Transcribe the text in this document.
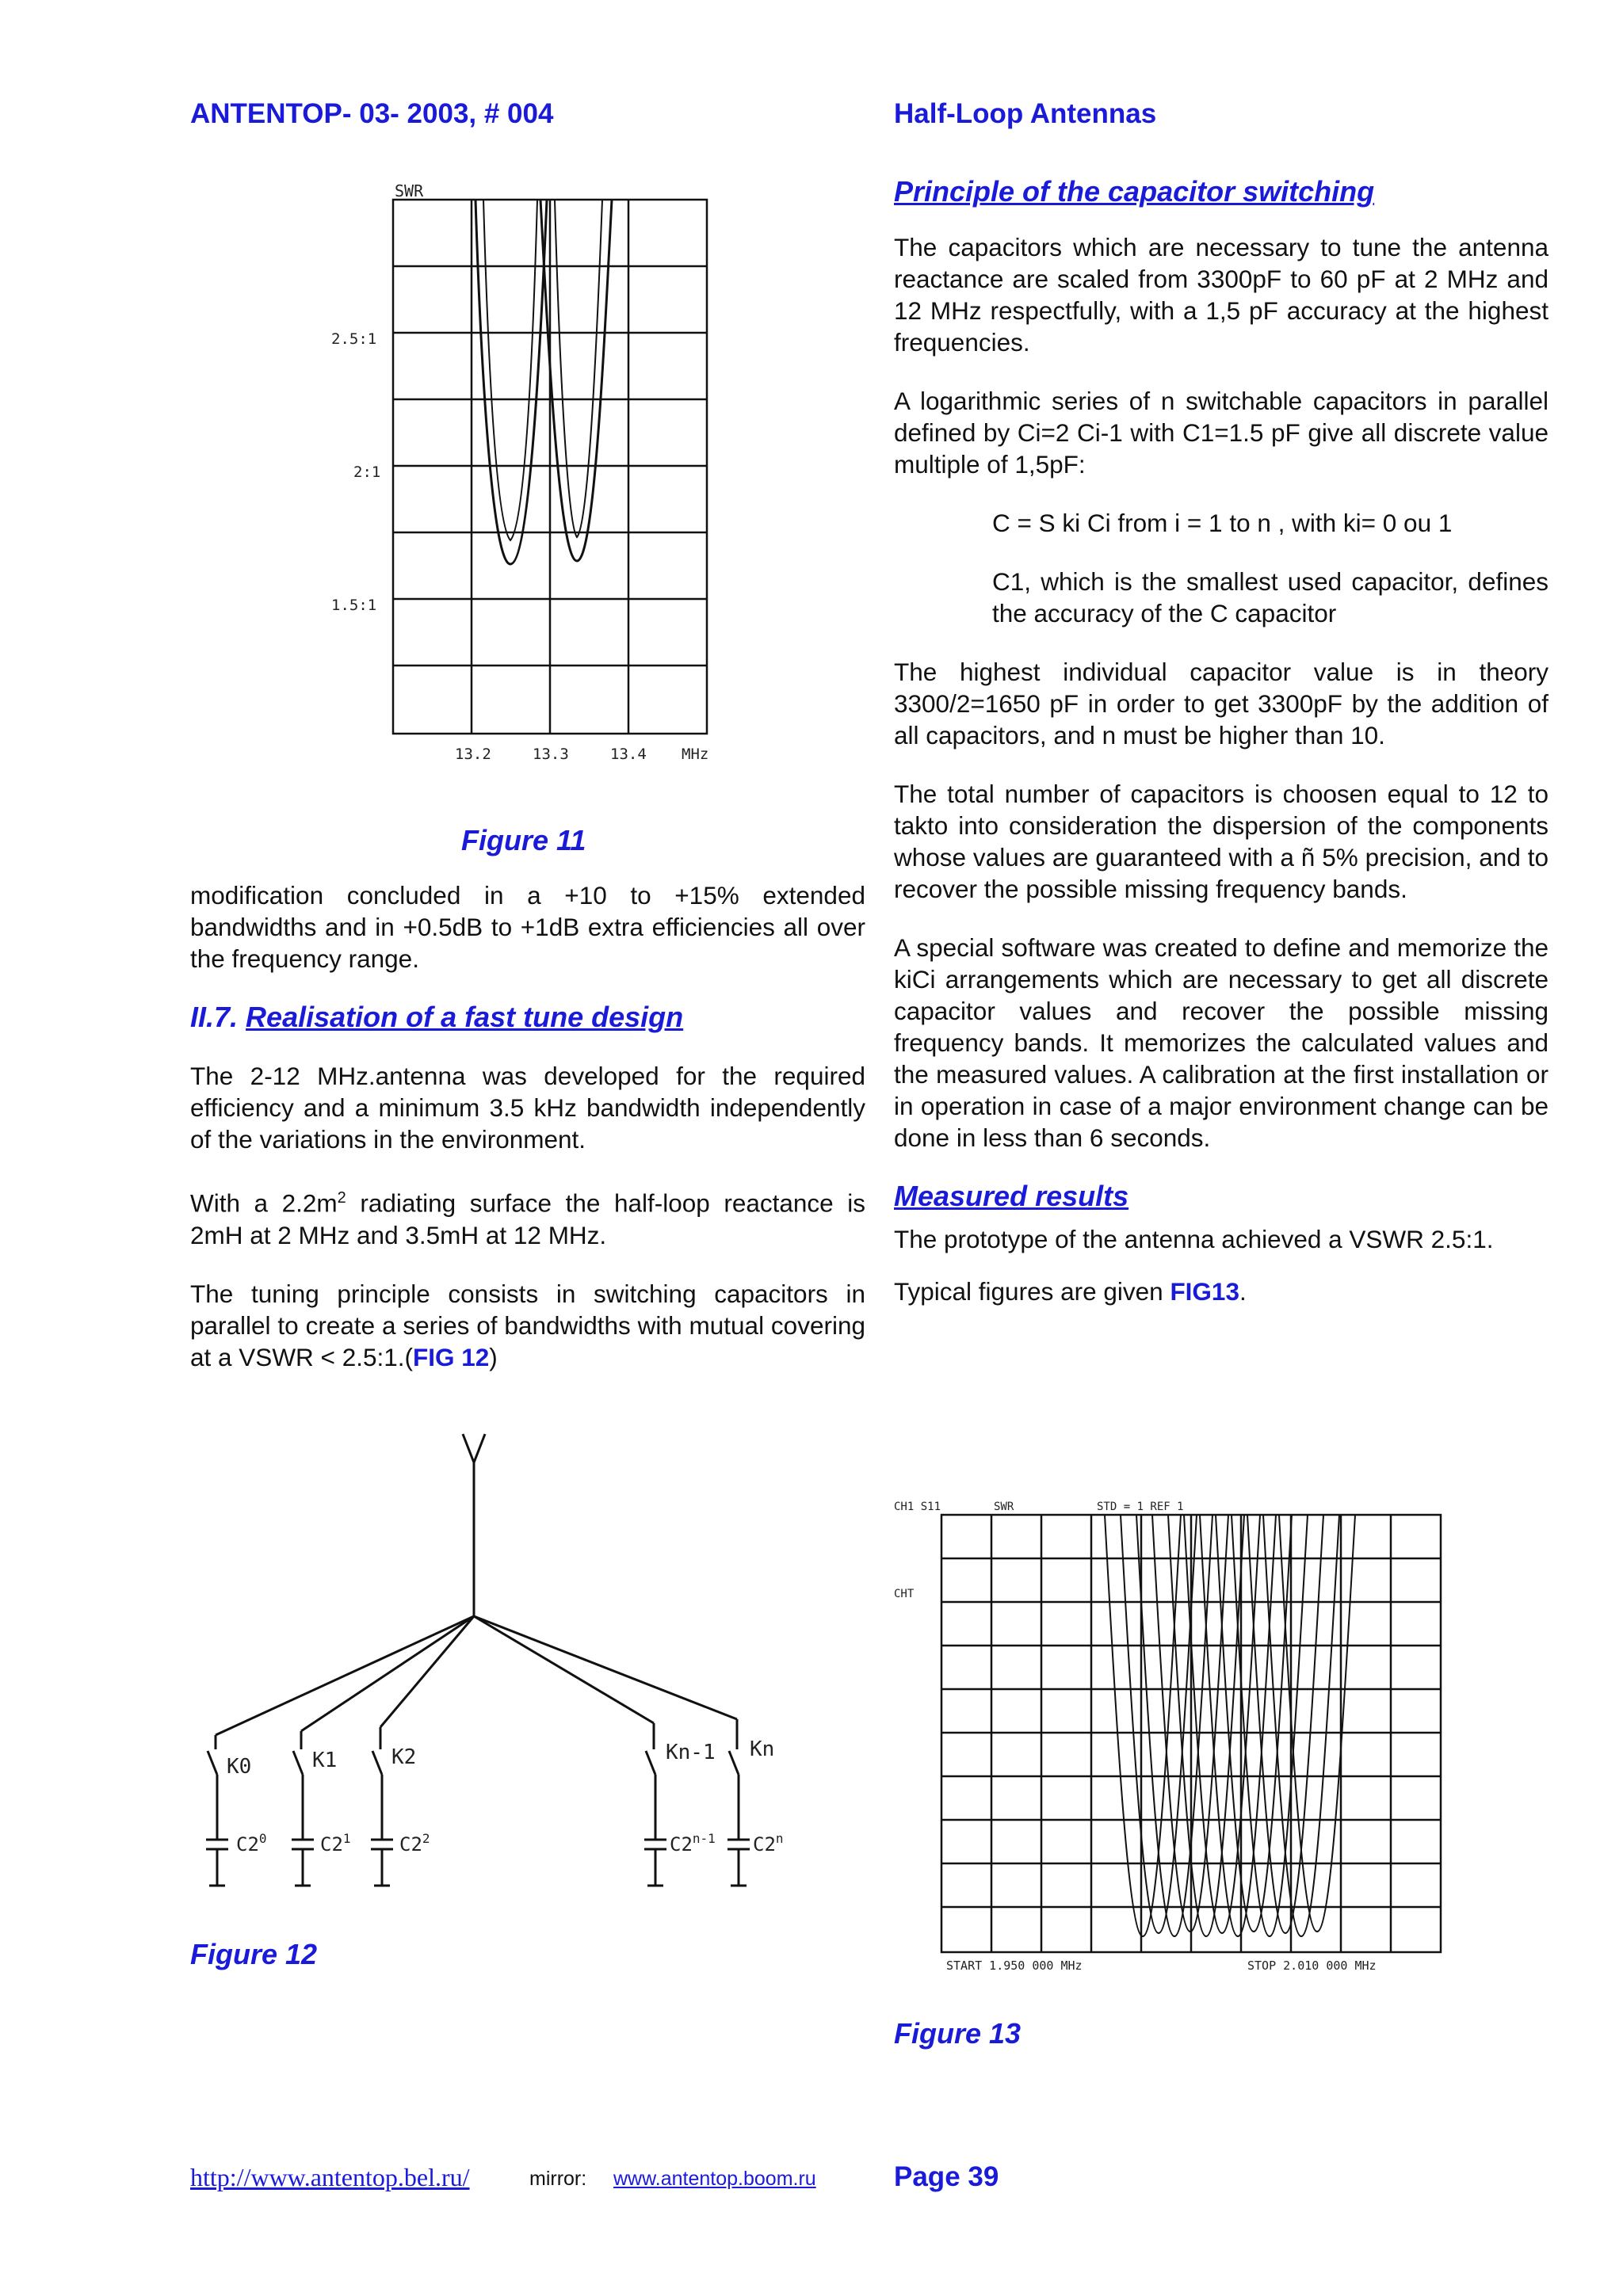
ANTENTOP- 03- 2003, # 004	Half-Loop Antennas
SWR
2.5:1
2:1
1.5:1
13.2	13.3	13.4 MHz
Figure 11

modification concluded in a +10 to +15% extended bandwidths and in +0.5dB to +1dB extra efficiencies all over the frequency range.

II.7. Realisation of a fast tune design

The 2-12 MHz.antenna was developed for the required efficiency and a minimum 3.5 kHz bandwidth independently of the variations in the environment.

With a $2.2m^2$ radiating surface the half-loop reactance is 2mH at 2 MHz and 3.5mH at 12 MHz.

The tuning principle consists in switching capacitors in parallel to create a series of bandwidths with mutual covering at a VSWR < 2.5:1.(FIG 12)

K0	K1	K2	Kn-1 Kn
$C2^0$	$C2^1$	$C2^2$	C2$^{n-1}$ C2$^n$
Figure 12
Principle of the capacitor switching

The capacitors which are necessary to tune the antenna reactance are scaled from 3300pF to 60 pF at 2 MHz and 12 MHz respectfully, with a 1,5 pF accuracy at the highest frequencies.

A logarithmic series of n switchable capacitors in parallel defined by Ci=2 Ci-1 with C1=1.5 pF give all discrete value multiple of 1,5pF:

C = S ki Ci from i = 1 to n , with ki= 0 ou 1

C1, which is the smallest used capacitor, defines the accuracy of the C capacitor

The highest individual capacitor value is in theory 3300/2=1650 pF in order to get 3300pF by the addition of all capacitors, and n must be higher than 10.

The total number of capacitors is choosen equal to 12 to takto into consideration the dispersion of the components whose values are guaranteed with a ñ 5% precision, and to recover the possible missing frequency bands.

A special software was created to define and memorize the kiCi arrangements which are necessary to get all discrete capacitor values and recover the possible missing frequency bands. It memorizes the calculated values and the measured values. A calibration at the first installation or in operation in case of a major environment change can be done in less than 6 seconds.

Measured results

The prototype of the antenna achieved a VSWR 2.5:1.

Typical figures are given FIG13.

CH1 S11	SWR	STD = 1 REF 1
CHT
START 1.950 000 MHz	STOP 2.010 000 MHz
Figure 13
http://www.antentop.bel.ru/	mirror: www.antentop.boom.ru	Page 39
